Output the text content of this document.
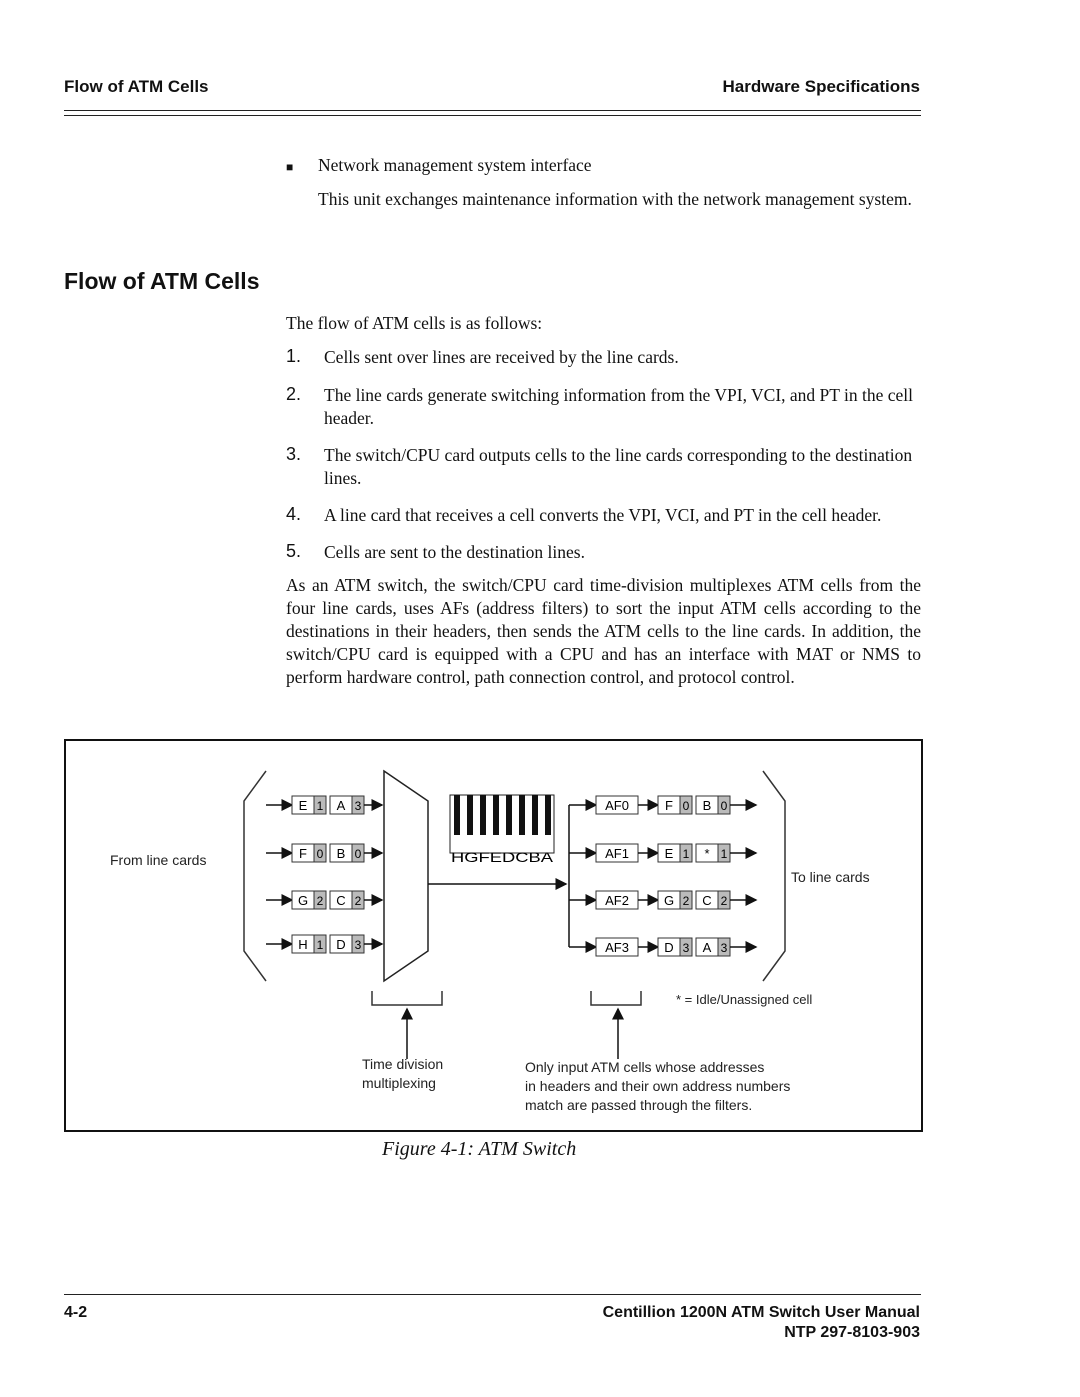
Flow of ATM Cells	Hardware Specifications
■ Network management system interface
This unit exchanges maintenance information with the network management system.
Flow of ATM Cells
The flow of ATM cells is as follows:
1. Cells sent over lines are received by the line cards.
2. The line cards generate switching information from the VPI, VCI, and PT in the cell header.
3. The switch/CPU card outputs cells to the line cards corresponding to the destination lines.
4. A line card that receives a cell converts the VPI, VCI, and PT in the cell header.
5. Cells are sent to the destination lines.
As an ATM switch, the switch/CPU card time-division multiplexes ATM cells from the four line cards, uses AFs (address filters) to sort the input ATM cells according to the destinations in their headers, then sends the ATM cells to the line cards. In addition, the switch/CPU card is equipped with a CPU and has an interface with MAT or NMS to perform hardware control, path connection control, and protocol control.
From line cards
E 1 A 3
F 0 B 0
G 2 C 2
H 1 D 3
HGFEDCBA
AF0
AF1
AF2
AF3
F 0 B 0
E 1 * 1
G 2 C 2
D 3 A 3
To line cards
* = Idle/Unassigned cell
Time division
multiplexing
Only input ATM cells whose addresses
in headers and their own address numbers
match are passed through the filters.
Figure 4-1: ATM Switch
4-2	Centillion 1200N ATM Switch User Manual
NTP 297-8103-903
